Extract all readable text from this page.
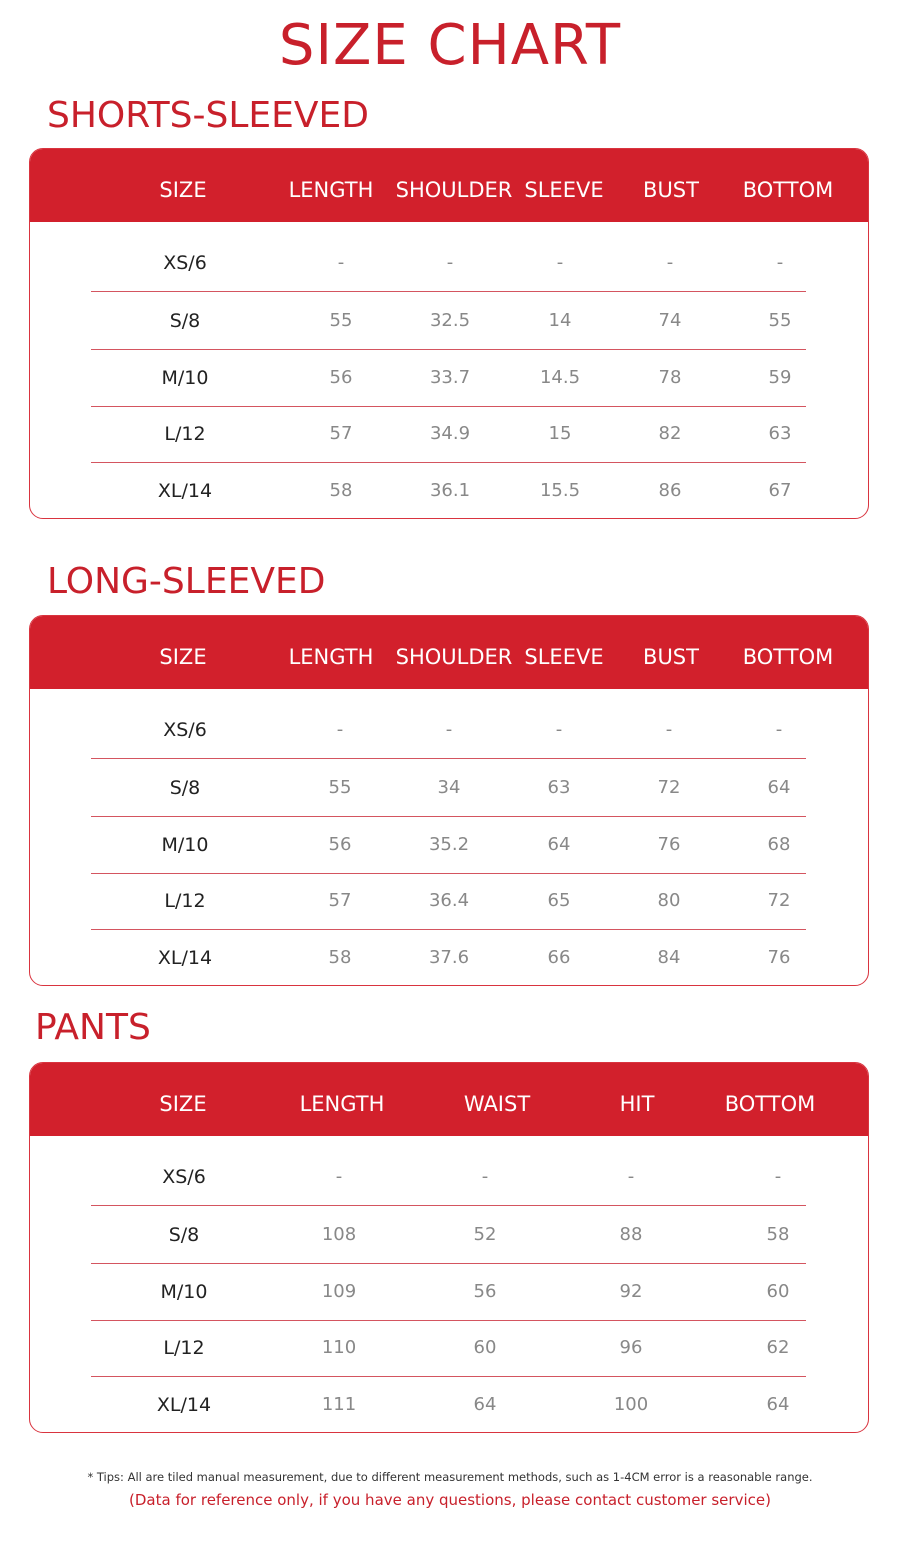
SIZE CHART
SHORTS-SLEEVED
SIZE	LENGTH SHOULDER SLEEVE BUST BOTTOM
XS/6	-	-	-	-	-
S/8	55	32.5	14	74	55
M/10	56	33.7	14.5	78	59
L/12	57	34.9	15	82	63
XL/14	58	36.1	15.5	86	67
LONG-SLEEVED
SIZE	LENGTH SHOULDER SLEEVE BUST BOTTOM
XS/6	-	-	-	-	-
S/8	55	34	63	72	64
M/10	56	35.2	64	76	68
L/12	57	36.4	65	80	72
XL/14	58	37.6	66	84	76
PANTS
SIZE	LENGTH	WAIST	HIT	BOTTOM
XS/6	-	-	-	-
S/8	108	52	88	58
M/10	109	56	92	60
L/12	110	60	96	62
XL/14	111	64	100	64
* Tips: All are tiled manual measurement, due to different measurement methods, such as 1-4CM error is a reasonable range.
(Data for reference only, if you have any questions, please contact customer service)
